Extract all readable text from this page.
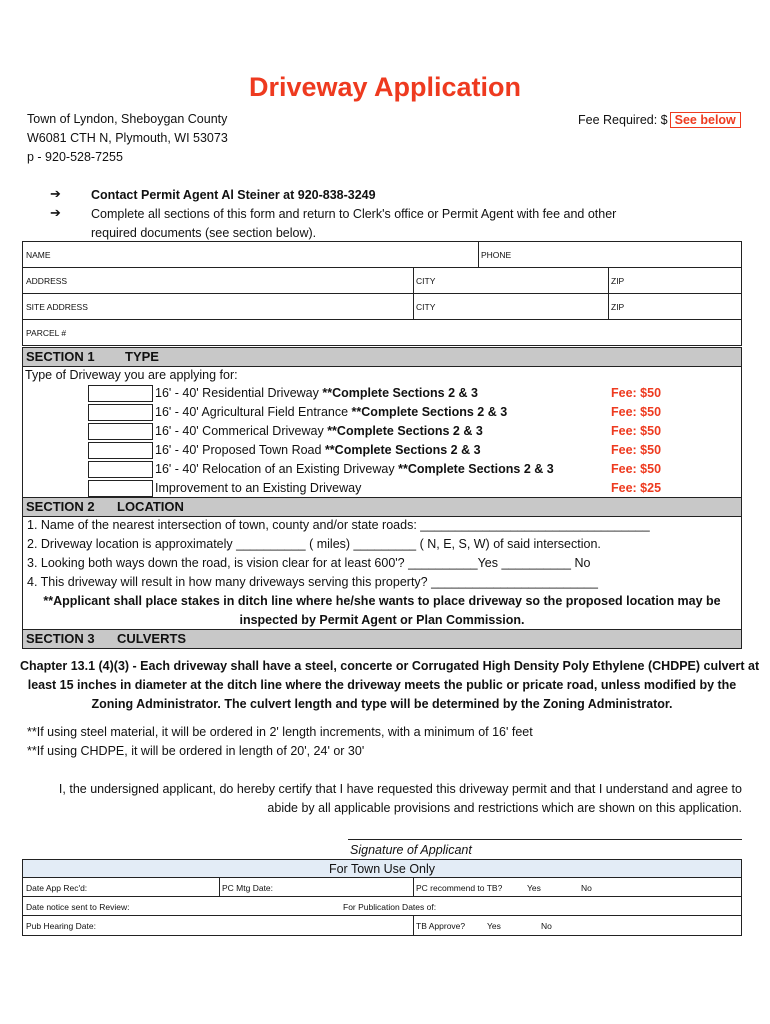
Driveway Application
Town of Lyndon, Sheboygan County
W6081 CTH N, Plymouth, WI 53073
p - 920-528-7255
Fee Required: $ See below
➔ Contact Permit Agent Al Steiner at 920-838-3249
➔ Complete all sections of this form and return to Clerk's office or Permit Agent with fee and other
required documents (see section below).
NAME	PHONE
ADDRESS	CITY	ZIP
SITE ADDRESS	CITY	ZIP
PARCEL #
SECTION 1 TYPE
Type of Driveway you are applying for:
16' - 40' Residential Driveway **Complete Sections 2 & 3	Fee: $50
16' - 40' Agricultural Field Entrance **Complete Sections 2 & 3	Fee: $50
16' - 40' Commerical Driveway **Complete Sections 2 & 3	Fee: $50
16' - 40' Proposed Town Road **Complete Sections 2 & 3	Fee: $50
16' - 40' Relocation of an Existing Driveway **Complete Sections 2 & 3	Fee: $50
Improvement to an Existing Driveway	Fee: $25
SECTION 2 LOCATION
1. Name of the nearest intersection of town, county and/or state roads: _________________________________
2. Driveway location is approximately __________ ( miles) _________ ( N, E, S, W) of said intersection.
3. Looking both ways down the road, is vision clear for at least 600'? __________Yes __________ No
4. This driveway will result in how many driveways serving this property? ________________________
**Applicant shall place stakes in ditch line where he/she wants to place driveway so the proposed location may be
inspected by Permit Agent or Plan Commission.
SECTION 3 CULVERTS
Chapter 13.1 (4)(3) - Each driveway shall have a steel, concerte or Corrugated High Density Poly Ethylene (CHDPE) culvert at
least 15 inches in diameter at the ditch line where the driveway meets the public or pricate road, unless modified by the
Zoning Administrator. The culvert length and type will be determined by the Zoning Administrator.
**If using steel material, it will be ordered in 2' length increments, with a minimum of 16' feet
**If using CHDPE, it will be ordered in length of 20', 24' or 30'
I, the undersigned applicant, do hereby certify that I have requested this driveway permit and that I understand and agree to
abide by all applicable provisions and restrictions which are shown on this application.
Signature of Applicant
For Town Use Only
Date App Rec'd:	PC Mtg Date:	PC recommend to TB?	Yes	No
Date notice sent to Review:	For Publication Dates of:
Pub Hearing Date:	TB Approve?	Yes	No
